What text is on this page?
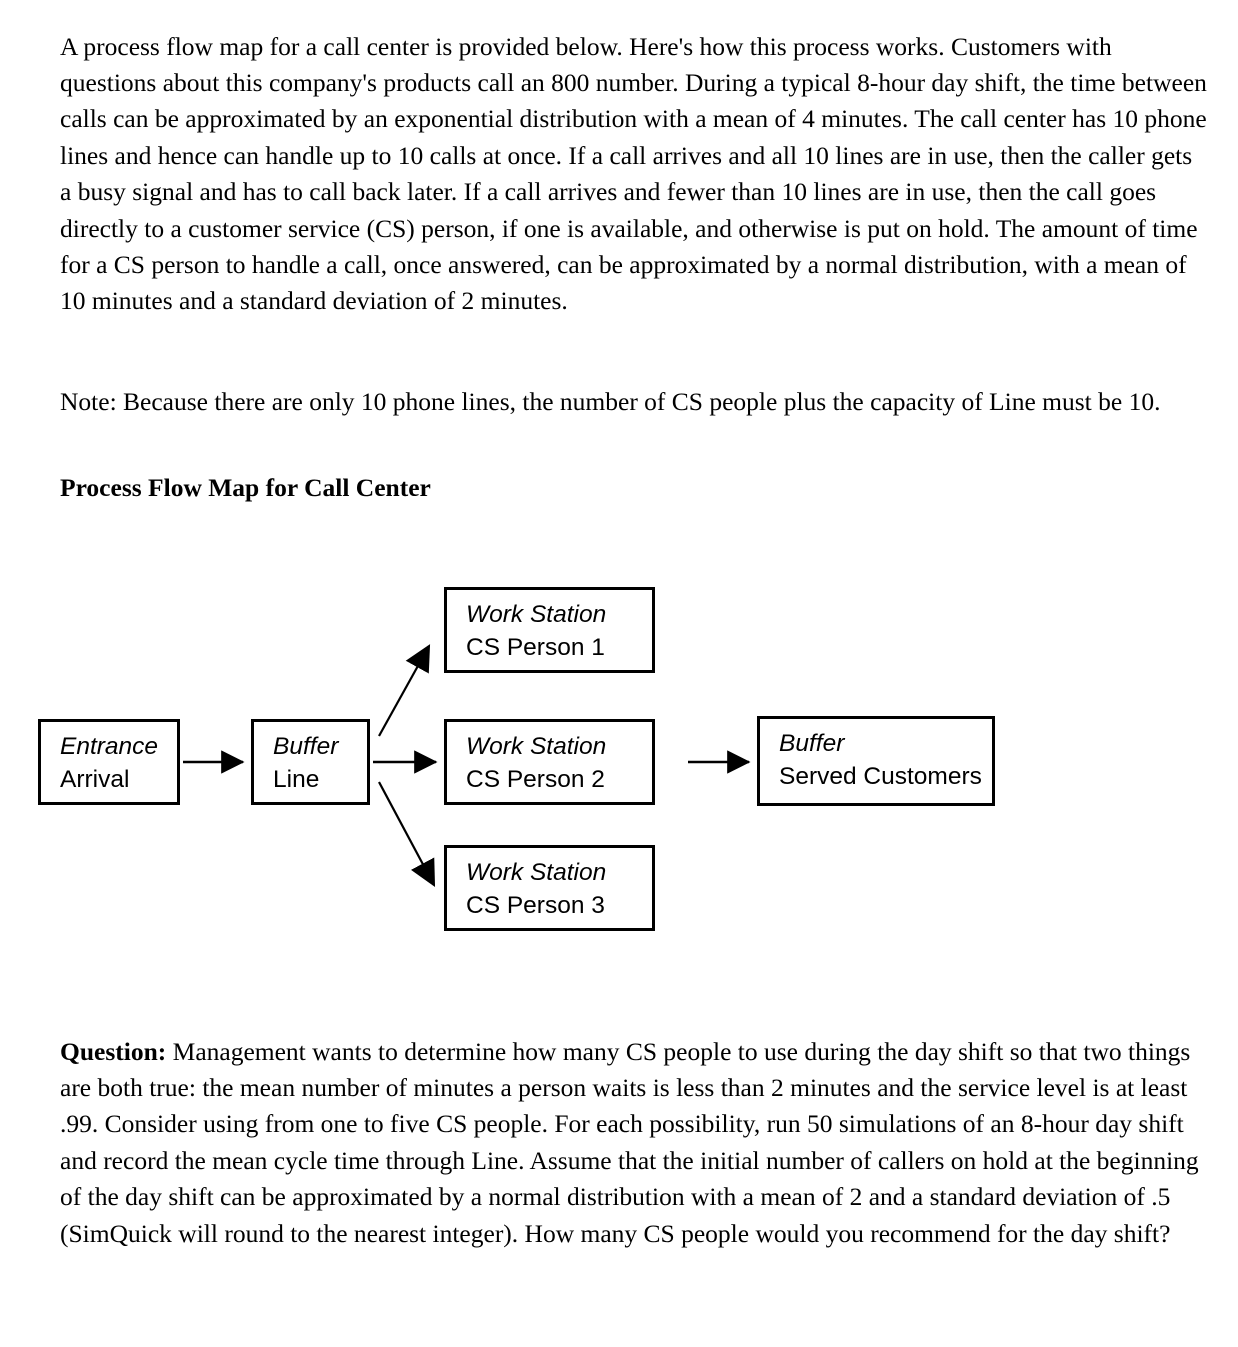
A process flow map for a call center is provided below. Here's how this process works. Customers with questions about this company's products call an 800 number. During a typical 8-hour day shift, the time between calls can be approximated by an exponential distribution with a mean of 4 minutes. The call center has 10 phone lines and hence can handle up to 10 calls at once. If a call arrives and all 10 lines are in use, then the caller gets a busy signal and has to call back later. If a call arrives and fewer than 10 lines are in use, then the call goes directly to a customer service (CS) person, if one is available, and otherwise is put on hold. The amount of time for a CS person to handle a call, once answered, can be approximated by a normal distribution, with a mean of 10 minutes and a standard deviation of 2 minutes.

Note: Because there are only 10 phone lines, the number of CS people plus the capacity of Line must be 10.

Process Flow Map for Call Center

Entrance
Arrival
Buffer
Line
Work Station
CS Person 1
Work Station
CS Person 2
Work Station
CS Person 3
Buffer
Served Customers

Question: Management wants to determine how many CS people to use during the day shift so that two things are both true: the mean number of minutes a person waits is less than 2 minutes and the service level is at least .99. Consider using from one to five CS people. For each possibility, run 50 simulations of an 8-hour day shift and record the mean cycle time through Line. Assume that the initial number of callers on hold at the beginning of the day shift can be approximated by a normal distribution with a mean of 2 and a standard deviation of .5 (SimQuick will round to the nearest integer). How many CS people would you recommend for the day shift?
